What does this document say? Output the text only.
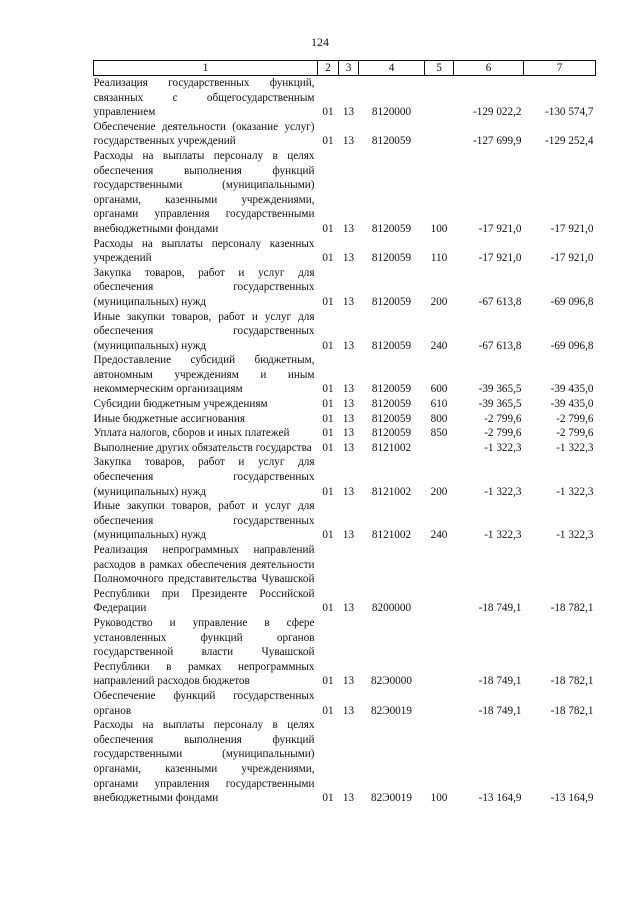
124
1	2	3	4	5	6	7
Реализация государственных функций, связанных с общегосударственным управлением	01	13	8120000		-129 022,2	-130 574,7
Обеспечение деятельности (оказание услуг) государственных учреждений	01	13	8120059		-127 699,9	-129 252,4
Расходы на выплаты персоналу в целях обеспечения выполнения функций государственными (муниципальными) органами, казенными учреждениями, органами управления государственными внебюджетными фондами	01	13	8120059	100	-17 921,0	-17 921,0
Расходы на выплаты персоналу казенных учреждений	01	13	8120059	110	-17 921,0	-17 921,0
Закупка товаров, работ и услуг для обеспечения государственных (муниципальных) нужд	01	13	8120059	200	-67 613,8	-69 096,8
Иные закупки товаров, работ и услуг для обеспечения государственных (муниципальных) нужд	01	13	8120059	240	-67 613,8	-69 096,8
Предоставление субсидий бюджетным, автономным учреждениям и иным некоммерческим организациям	01	13	8120059	600	-39 365,5	-39 435,0
Субсидии бюджетным учреждениям	01	13	8120059	610	-39 365,5	-39 435,0
Иные бюджетные ассигнования	01	13	8120059	800	-2 799,6	-2 799,6
Уплата налогов, сборов и иных платежей	01	13	8120059	850	-2 799,6	-2 799,6
Выполнение других обязательств государства	01	13	8121002		-1 322,3	-1 322,3
Закупка товаров, работ и услуг для обеспечения государственных (муниципальных) нужд	01	13	8121002	200	-1 322,3	-1 322,3
Иные закупки товаров, работ и услуг для обеспечения государственных (муниципальных) нужд	01	13	8121002	240	-1 322,3	-1 322,3
Реализация непрограммных направлений расходов в рамках обеспечения деятельности Полномочного представительства Чувашской Республики при Президенте Российской Федерации	01	13	8200000		-18 749,1	-18 782,1
Руководство и управление в сфере установленных функций органов государственной власти Чувашской Республики в рамках непрограммных направлений расходов бюджетов	01	13	82Э0000		-18 749,1	-18 782,1
Обеспечение функций государственных органов	01	13	82Э0019		-18 749,1	-18 782,1
Расходы на выплаты персоналу в целях обеспечения выполнения функций государственными (муниципальными) органами, казенными учреждениями, органами управления государственными внебюджетными фондами	01	13	82Э0019	100	-13 164,9	-13 164,9
